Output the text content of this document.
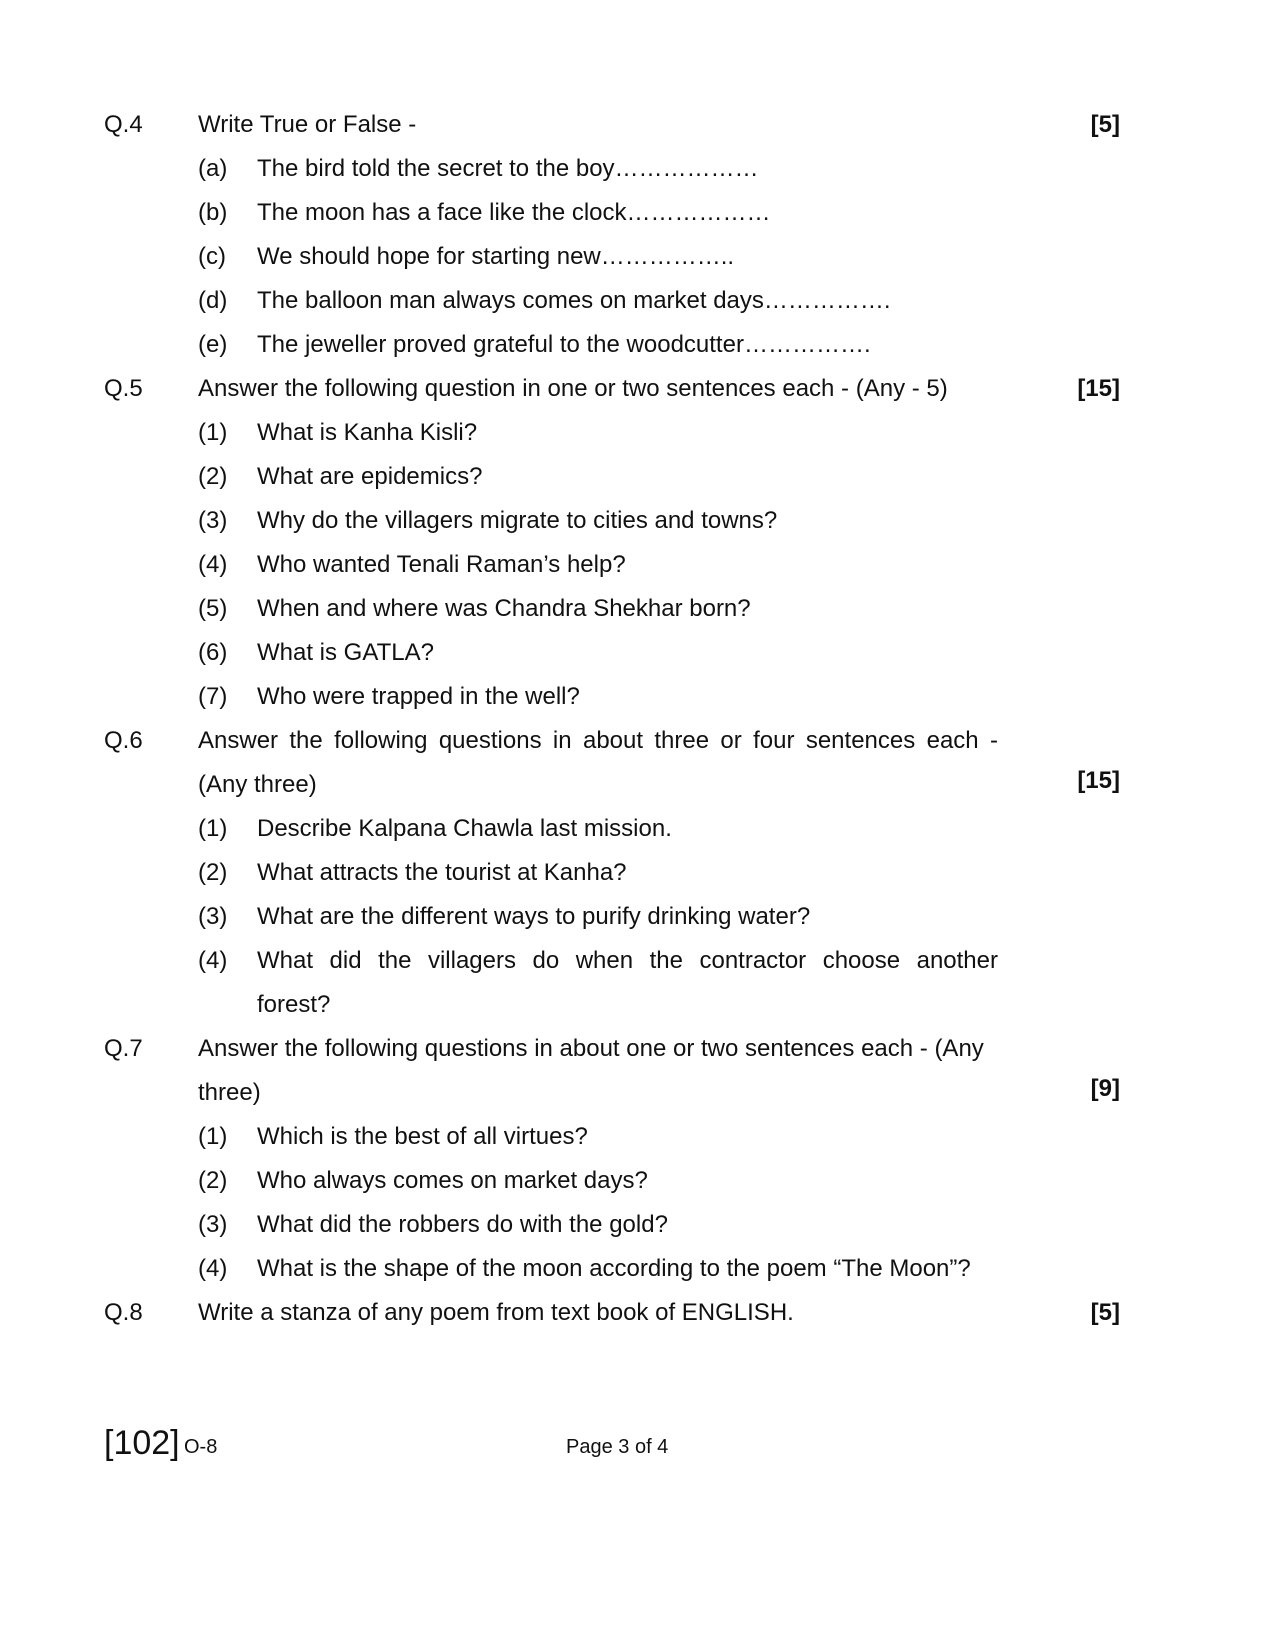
Q.4 Write True or False -	[5]
(a) The bird told the secret to the boy………………
(b) The moon has a face like the clock………………
(c) We should hope for starting new……………..
(d) The balloon man always comes on market days…………….
(e) The jeweller proved grateful to the woodcutter…………….
Q.5 Answer the following question in one or two sentences each - (Any - 5)	[15]
(1) What is Kanha Kisli?
(2) What are epidemics?
(3) Why do the villagers migrate to cities and towns?
(4) Who wanted Tenali Raman’s help?
(5) When and where was Chandra Shekhar born?
(6) What is GATLA?
(7) Who were trapped in the well?
Q.6 Answer the following questions in about three or four sentences each -
(Any three)	[15]
(1) Describe Kalpana Chawla last mission.
(2) What attracts the tourist at Kanha?
(3) What are the different ways to purify drinking water?
(4) What did the villagers do when the contractor choose another
forest?
Q.7 Answer the following questions in about one or two sentences each - (Any
three)	[9]
(1) Which is the best of all virtues?
(2) Who always comes on market days?
(3) What did the robbers do with the gold?
(4) What is the shape of the moon according to the poem “The Moon”?
Q.8 Write a stanza of any poem from text book of ENGLISH.	[5]
[102] O-8	Page 3 of 4
